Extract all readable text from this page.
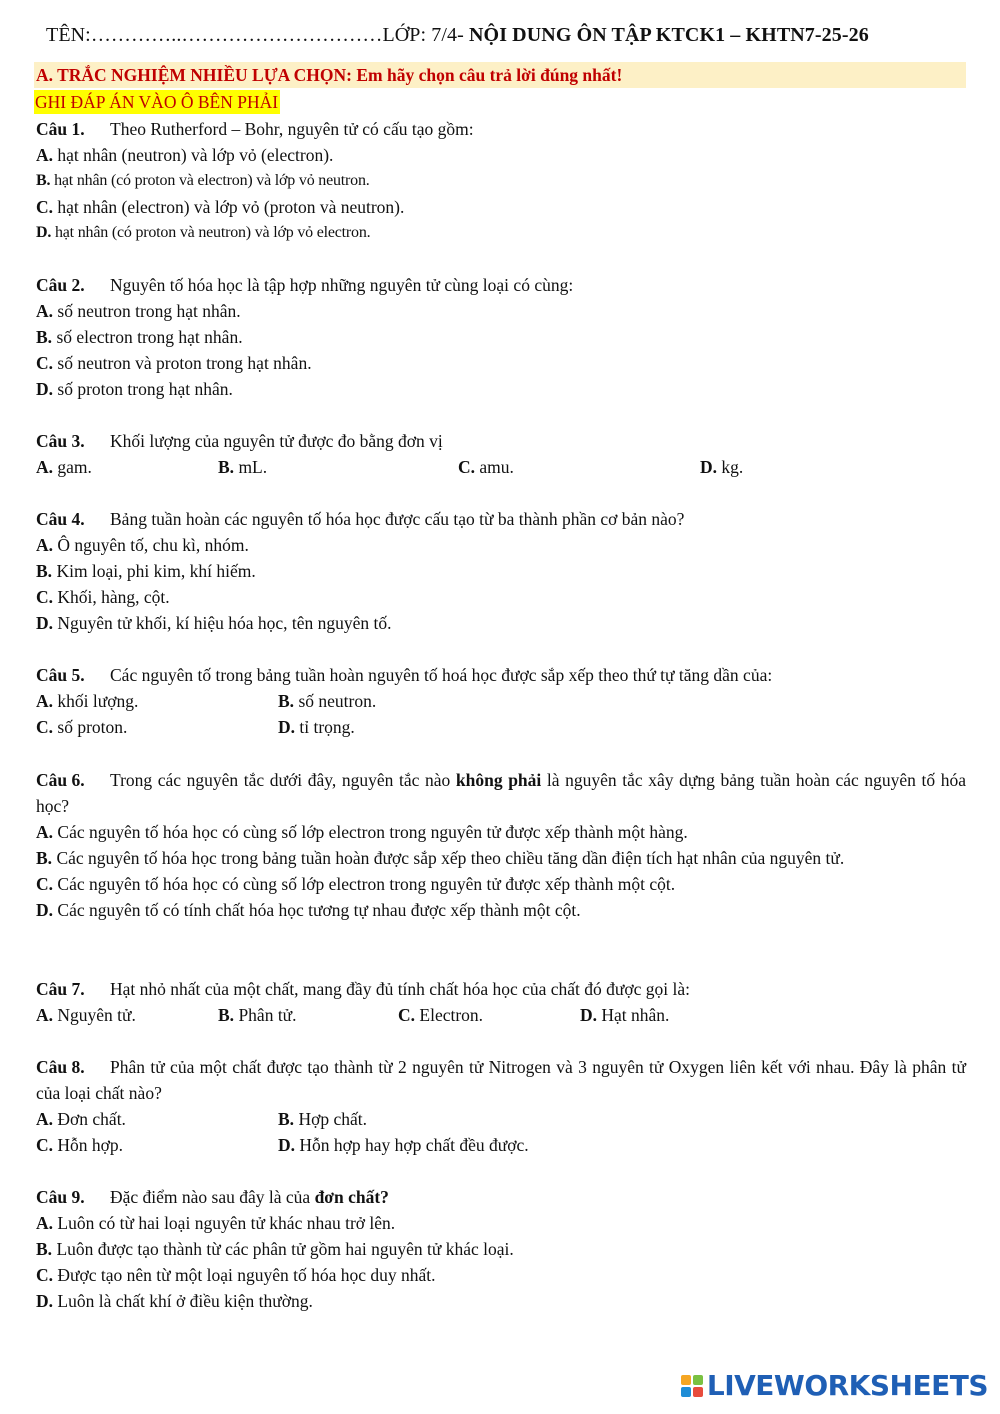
TÊN:…………..…………………………LỚP: 7/4- NỘI DUNG ÔN TẬP KTCK1 – KHTN7-25-26
A. TRẮC NGHIỆM NHIỀU LỰA CHỌN: Em hãy chọn câu trả lời đúng nhất!
GHI ĐÁP ÁN VÀO Ô BÊN PHẢI
Câu 1. Theo Rutherford – Bohr, nguyên tử có cấu tạo gồm:
A. hạt nhân (neutron) và lớp vỏ (electron).
B. hạt nhân (có proton và electron) và lớp vỏ neutron.
C. hạt nhân (electron) và lớp vỏ (proton và neutron).
D. hạt nhân (có proton và neutron) và lớp vỏ electron.
Câu 2. Nguyên tố hóa học là tập hợp những nguyên tử cùng loại có cùng:
A. số neutron trong hạt nhân.
B. số electron trong hạt nhân.
C. số neutron và proton trong hạt nhân.
D. số proton trong hạt nhân.
Câu 3. Khối lượng của nguyên tử được đo bằng đơn vị
A. gam.	B. mL.	C. amu.	D. kg.
Câu 4. Bảng tuần hoàn các nguyên tố hóa học được cấu tạo từ ba thành phần cơ bản nào?
A. Ô nguyên tố, chu kì, nhóm.
B. Kim loại, phi kim, khí hiếm.
C. Khối, hàng, cột.
D. Nguyên tử khối, kí hiệu hóa học, tên nguyên tố.
Câu 5. Các nguyên tố trong bảng tuần hoàn nguyên tố hoá học được sắp xếp theo thứ tự tăng dần của:
A. khối lượng.	B. số neutron.
C. số proton.	D. tỉ trọng.
Câu 6. Trong các nguyên tắc dưới đây, nguyên tắc nào không phải là nguyên tắc xây dựng bảng tuần hoàn các nguyên tố hóa học?
A. Các nguyên tố hóa học có cùng số lớp electron trong nguyên tử được xếp thành một hàng.
B. Các nguyên tố hóa học trong bảng tuần hoàn được sắp xếp theo chiều tăng dần điện tích hạt nhân của nguyên tử.
C. Các nguyên tố hóa học có cùng số lớp electron trong nguyên tử được xếp thành một cột.
D. Các nguyên tố có tính chất hóa học tương tự nhau được xếp thành một cột.
Câu 7. Hạt nhỏ nhất của một chất, mang đầy đủ tính chất hóa học của chất đó được gọi là:
A. Nguyên tử.	B. Phân tử.	C. Electron.	D. Hạt nhân.
Câu 8. Phân tử của một chất được tạo thành từ 2 nguyên tử Nitrogen và 3 nguyên tử Oxygen liên kết với nhau. Đây là phân tử của loại chất nào?
A. Đơn chất.	B. Hợp chất.
C. Hỗn hợp.	D. Hỗn hợp hay hợp chất đều được.
Câu 9. Đặc điểm nào sau đây là của đơn chất?
A. Luôn có từ hai loại nguyên tử khác nhau trở lên.
B. Luôn được tạo thành từ các phân tử gồm hai nguyên tử khác loại.
C. Được tạo nên từ một loại nguyên tố hóa học duy nhất.
D. Luôn là chất khí ở điều kiện thường.
LIVEWORKSHEETS
